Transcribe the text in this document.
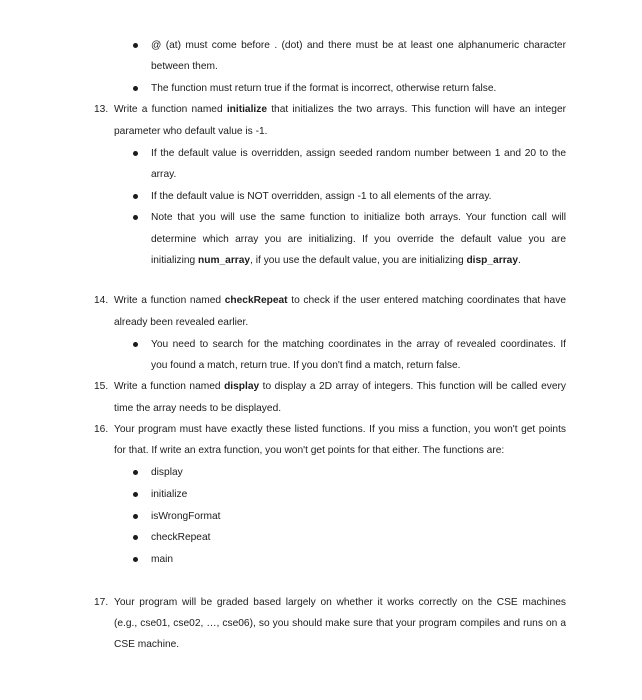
@ (at) must come before . (dot) and there must be at least one alphanumeric character
between them.
The function must return true if the format is incorrect, otherwise return false.
13. Write a function named initialize that initializes the two arrays. This function will have an integer
parameter who default value is -1.
If the default value is overridden, assign seeded random number between 1 and 20 to the
array.
If the default value is NOT overridden, assign -1 to all elements of the array.
Note that you will use the same function to initialize both arrays. Your function call will
determine which array you are initializing. If you override the default value you are
initializing num_array, if you use the default value, you are initializing disp_array.
14. Write a function named checkRepeat to check if the user entered matching coordinates that have
already been revealed earlier.
You need to search for the matching coordinates in the array of revealed coordinates. If
you found a match, return true. If you don't find a match, return false.
15. Write a function named display to display a 2D array of integers. This function will be called every
time the array needs to be displayed.
16. Your program must have exactly these listed functions. If you miss a function, you won't get points
for that. If write an extra function, you won't get points for that either. The functions are:
display
initialize
isWrongFormat
checkRepeat
main
17. Your program will be graded based largely on whether it works correctly on the CSE machines
(e.g., cse01, cse02, …, cse06), so you should make sure that your program compiles and runs on a
CSE machine.
